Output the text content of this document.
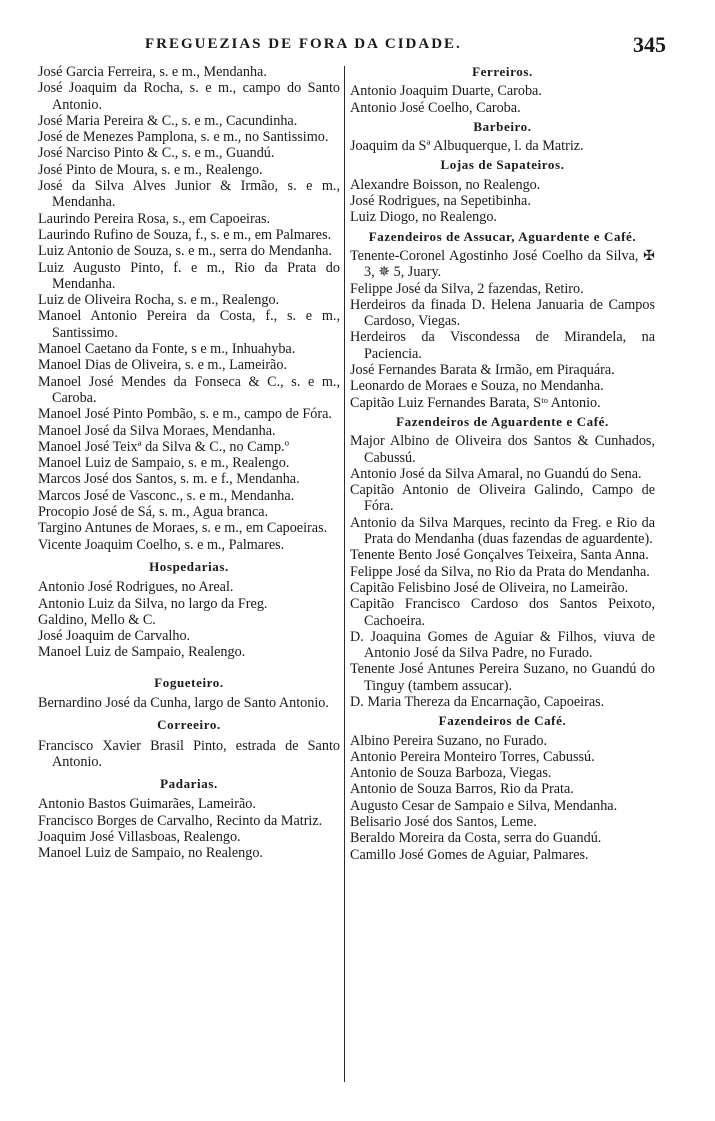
FREGUEZIAS DE FORA DA CIDADE.	345

José Garcia Ferreira, s. e m., Mendanha.

José Joaquim da Rocha, s. e m., campo do Santo Antonio.

José Maria Pereira & C., s. e m., Cacundinha.

José de Menezes Pamplona, s. e m., no Santissimo.

José Narciso Pinto & C., s. e m., Guandú.

José Pinto de Moura, s. e m., Realengo.

José da Silva Alves Junior & Irmão, s. e m., Mendanha.

Laurindo Pereira Rosa, s., em Capoeiras.

Laurindo Rufino de Souza, f., s. e m., em Palmares.

Luiz Antonio de Souza, s. e m., serra do Mendanha.

Luiz Augusto Pinto, f. e m., Rio da Prata do Mendanha.

Luiz de Oliveira Rocha, s. e m., Realengo.

Manoel Antonio Pereira da Costa, f., s. e m., Santissimo.

Manoel Caetano da Fonte, s e m., Inhuahyba.

Manoel Dias de Oliveira, s. e m., Lameirão.

Manoel José Mendes da Fonseca & C., s. e m., Caroba.

Manoel José Pinto Pombão, s. e m., campo de Fóra.

Manoel José da Silva Moraes, Mendanha.

Manoel José Teixª da Silva & C., no Camp.º

Manoel Luiz de Sampaio, s. e m., Realengo.

Marcos José dos Santos, s. m. e f., Mendanha.

Marcos José de Vasconc., s. e m., Mendanha.

Procopio José de Sá, s. m., Agua branca.

Targino Antunes de Moraes, s. e m., em Capoeiras.

Vicente Joaquim Coelho, s. e m., Palmares.

Hospedarias.

Antonio José Rodrigues, no Areal.

Antonio Luiz da Silva, no largo da Freg.

Galdino, Mello & C.

José Joaquim de Carvalho.

Manoel Luiz de Sampaio, Realengo.

Fogueteiro.

Bernardino José da Cunha, largo de Santo Antonio.

Correeiro.

Francisco Xavier Brasil Pinto, estrada de Santo Antonio.

Padarias.

Antonio Bastos Guimarães, Lameirão.

Francisco Borges de Carvalho, Recinto da Matriz.

Joaquim José Villasboas, Realengo.

Manoel Luiz de Sampaio, no Realengo.

Ferreiros.

Antonio Joaquim Duarte, Caroba.

Antonio José Coelho, Caroba.

Barbeiro.

Joaquim da Sª Albuquerque, l. da Matriz.

Lojas de Sapateiros.

Alexandre Boisson, no Realengo.

José Rodrigues, na Sepetibinha.

Luiz Diogo, no Realengo.

Fazendeiros de Assucar, Aguardente e Café.

Tenente-Coronel Agostinho José Coelho da Silva, ✠ 3, ✵ 5, Juary.

Felippe José da Silva, 2 fazendas, Retiro.

Herdeiros da finada D. Helena Januaria de Campos Cardoso, Viegas.

Herdeiros da Viscondessa de Mirandela, na Paciencia.

José Fernandes Barata & Irmão, em Piraquára.

Leonardo de Moraes e Souza, no Mendanha.

Capitão Luiz Fernandes Barata, Sᵗᵒ Antonio.

Fazendeiros de Aguardente e Café.

Major Albino de Oliveira dos Santos & Cunhados, Cabussú.

Antonio José da Silva Amaral, no Guandú do Sena.

Capitão Antonio de Oliveira Galindo, Campo de Fóra.

Antonio da Silva Marques, recinto da Freg. e Rio da Prata do Mendanha (duas fazendas de aguardente).

Tenente Bento José Gonçalves Teixeira, Santa Anna.

Felippe José da Silva, no Rio da Prata do Mendanha.

Capitão Felisbino José de Oliveira, no Lameirão.

Capitão Francisco Cardoso dos Santos Peixoto, Cachoeira.

D. Joaquina Gomes de Aguiar & Filhos, viuva de Antonio José da Silva Padre, no Furado.

Tenente José Antunes Pereira Suzano, no Guandú do Tinguy (tambem assucar).

D. Maria Thereza da Encarnação, Capoeiras.

Fazendeiros de Café.

Albino Pereira Suzano, no Furado.

Antonio Pereira Monteiro Torres, Cabussú.

Antonio de Souza Barboza, Viegas.

Antonio de Souza Barros, Rio da Prata.

Augusto Cesar de Sampaio e Silva, Mendanha.

Belisario José dos Santos, Leme.

Beraldo Moreira da Costa, serra do Guandú.

Camillo José Gomes de Aguiar, Palmares.
